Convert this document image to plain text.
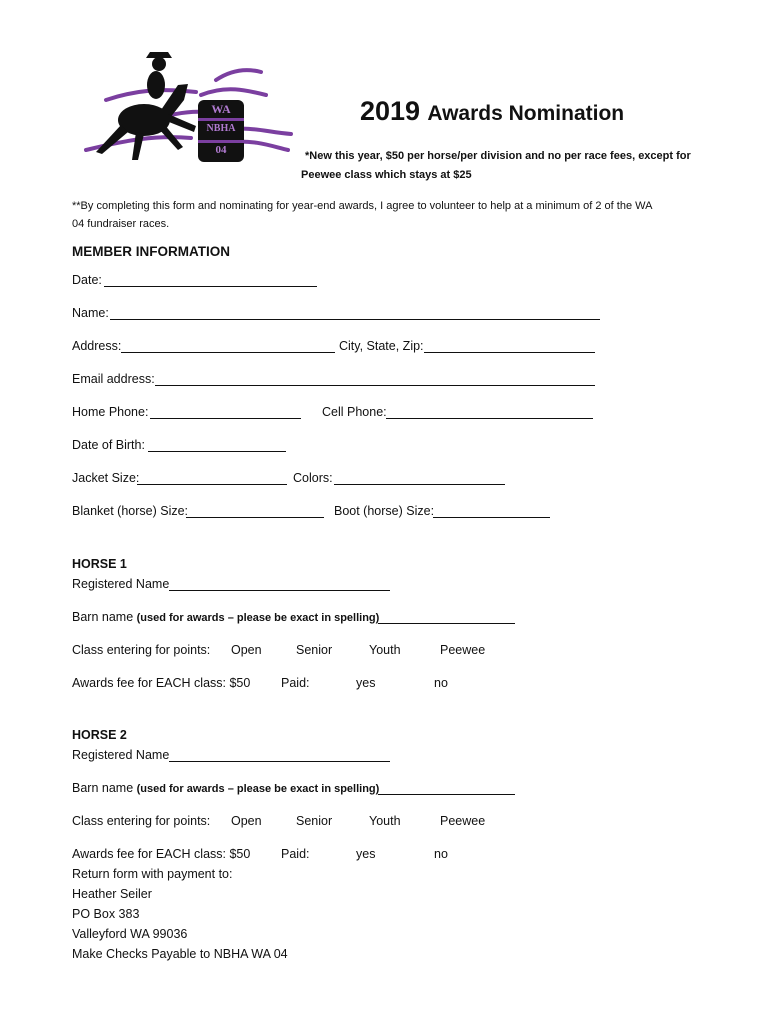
WA
NBHA
04
2019 Awards Nomination
*New this year, $50 per horse/per division and no per race fees, except for
Peewee class which stays at $25
**By completing this form and nominating for year-end awards, I agree to volunteer to help at a minimum of 2 of the WA
04 fundraiser races.
MEMBER INFORMATION
Date:
Name:
Address:	City, State, Zip:
Email address:
Home Phone:	Cell Phone:
Date of Birth:
Jacket Size:	Colors:
Blanket (horse) Size:	Boot (horse) Size:
HORSE 1
Registered Name
Barn name (used for awards – please be exact in spelling)
Class entering for points: Open	Senior	Youth	Peewee
Awards fee for EACH class: $50 Paid:	yes	no
HORSE 2
Registered Name
Barn name (used for awards – please be exact in spelling)
Class entering for points: Open	Senior	Youth	Peewee
Awards fee for EACH class: $50 Paid:	yes	no
Return form with payment to:
Heather Seiler
PO Box 383
Valleyford WA 99036
Make Checks Payable to NBHA WA 04
